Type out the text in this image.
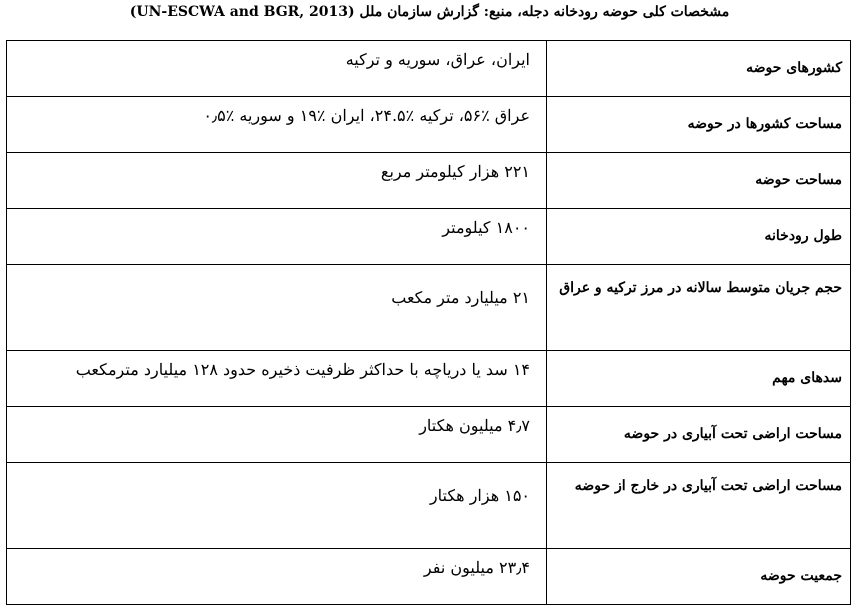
مشخصات کلی حوضه رودخانه دجله، منبع: گزارش سازمان ملل (UN-ESCWA and BGR, 2013)
کشورهای حوضه	ایران، عراق، سوریه و ترکیه

مساحت کشورها در حوضه	عراق ٪۵۶، ترکیه ٪۲۴.۵، ایران ٪۱۹ و سوریه ٪۰٫۵

مساحت حوضه	۲۲۱ هزار کیلومتر مربع

طول رودخانه	۱۸۰۰ کیلومتر

حجم جریان متوسط سالانه در مرز ترکیه و عراق	۲۱ میلیارد متر مکعب

سدهای مهم	۱۴ سد یا دریاچه با حداکثر ظرفیت ذخیره حدود ۱۲۸ میلیارد مترمکعب

مساحت اراضی تحت آبیاری در حوضه	۴٫۷ میلیون هکتار

مساحت اراضی تحت آبیاری در خارج از حوضه	۱۵۰ هزار هکتار

جمعیت حوضه	۲۳٫۴ میلیون نفر
